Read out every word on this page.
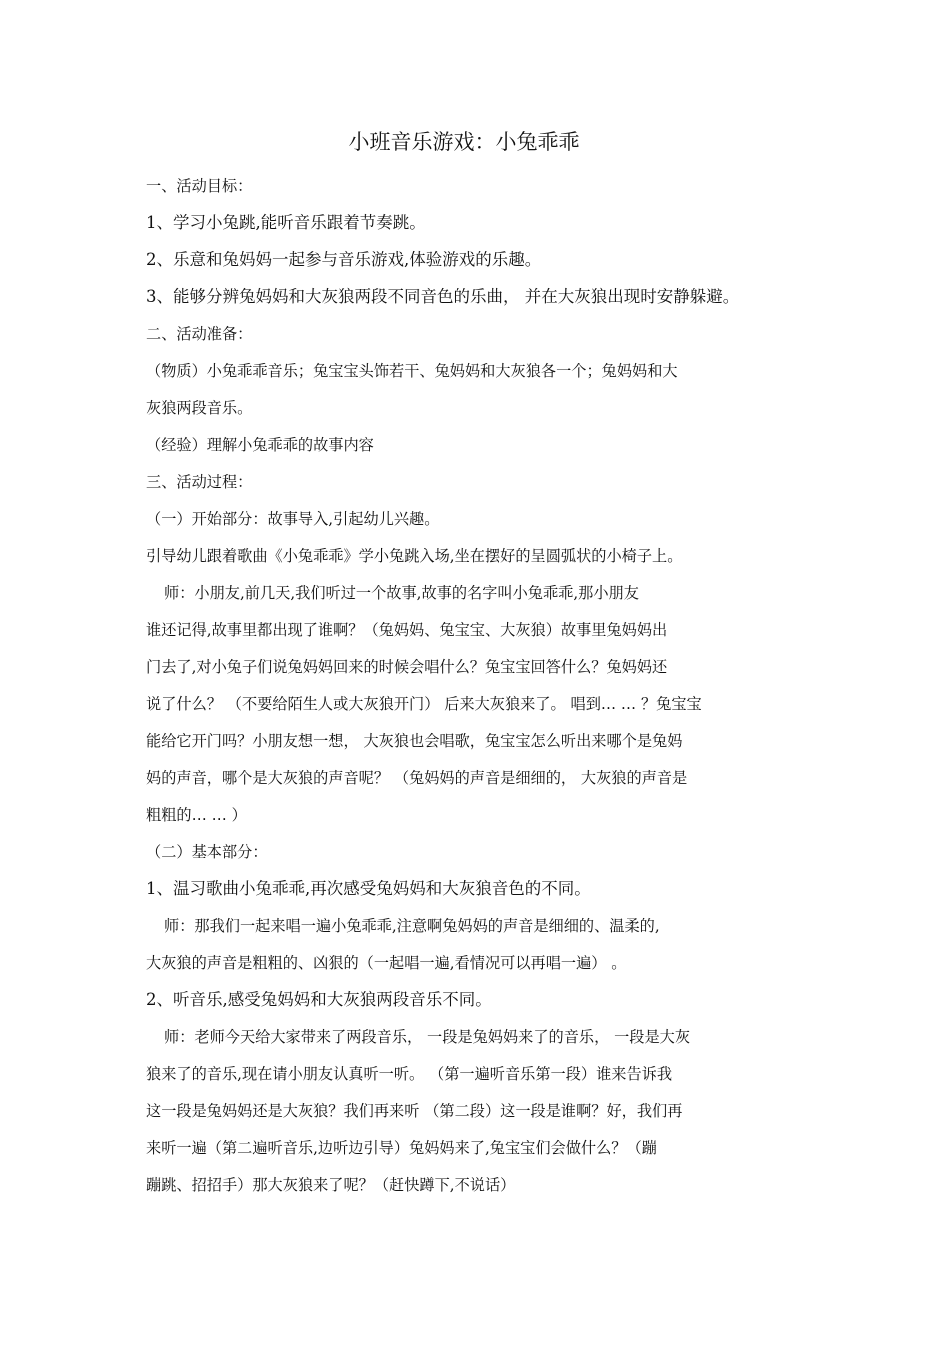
小班音乐游戏：小兔乖乖
一、活动目标：
1、学习小兔跳,能听音乐跟着节奏跳。
2、乐意和兔妈妈一起参与音乐游戏,体验游戏的乐趣。
3、能够分辨兔妈妈和大灰狼两段不同音色的乐曲， 并在大灰狼出现时安静躲避。
二、活动准备：
（物质）小兔乖乖音乐；兔宝宝头饰若干、兔妈妈和大灰狼各一个；兔妈妈和大
灰狼两段音乐。
（经验）理解小兔乖乖的故事内容
三、活动过程：
（一）开始部分：故事导入,引起幼儿兴趣。
引导幼儿跟着歌曲《小兔乖乖》学小兔跳入场,坐在摆好的呈圆弧状的小椅子上。
师：小朋友,前几天,我们听过一个故事,故事的名字叫小兔乖乖,那小朋友
谁还记得,故事里都出现了谁啊？（兔妈妈、兔宝宝、大灰狼）故事里兔妈妈出
门去了,对小兔子们说兔妈妈回来的时候会唱什么？兔宝宝回答什么？兔妈妈还
说了什么？ （不要给陌生人或大灰狼开门） 后来大灰狼来了。 唱到… … ？兔宝宝
能给它开门吗？小朋友想一想， 大灰狼也会唱歌，兔宝宝怎么听出来哪个是兔妈
妈的声音，哪个是大灰狼的声音呢？ （兔妈妈的声音是细细的， 大灰狼的声音是
粗粗的… … ）
（二）基本部分：
1、温习歌曲小兔乖乖,再次感受兔妈妈和大灰狼音色的不同。
师：那我们一起来唱一遍小兔乖乖,注意啊兔妈妈的声音是细细的、温柔的,
大灰狼的声音是粗粗的、凶狠的（一起唱一遍,看情况可以再唱一遍） 。
2、听音乐,感受兔妈妈和大灰狼两段音乐不同。
师：老师今天给大家带来了两段音乐， 一段是兔妈妈来了的音乐， 一段是大灰
狼来了的音乐,现在请小朋友认真听一听。 （第一遍听音乐第一段）谁来告诉我
这一段是兔妈妈还是大灰狼？我们再来听 （第二段）这一段是谁啊？好，我们再
来听一遍（第二遍听音乐,边听边引导）兔妈妈来了,兔宝宝们会做什么？（蹦
蹦跳、招招手）那大灰狼来了呢？（赶快蹲下,不说话）
